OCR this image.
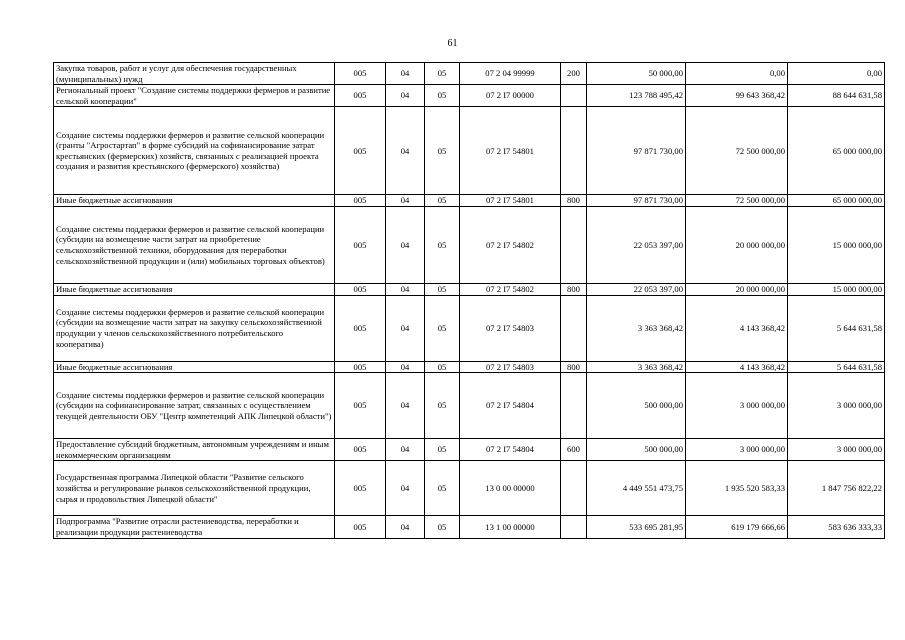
61
Закупка товаров, работ и услуг для обеспечения государственных (муниципальных) нужд	005	04	05	07 2 04 99999	200	50 000,00	0,00	0,00
Региональный проект "Создание системы поддержки фермеров и развитие сельской кооперации"	005	04	05	07 2 I7 00000		123 788 495,42	99 643 368,42	88 644 631,58
Создание системы поддержки фермеров и развитие сельской кооперации (гранты "Агростартап" в форме субсидий на софинансирование затрат крестьянских (фермерских) хозяйств, связанных с реализацией проекта создания и развития крестьянского (фермерского) хозяйства)	005	04	05	07 2 I7 54801		97 871 730,00	72 500 000,00	65 000 000,00
Иные бюджетные ассигнования	005	04	05	07 2 I7 54801	800	97 871 730,00	72 500 000,00	65 000 000,00
Создание системы поддержки фермеров и развитие сельской кооперации (субсидии на возмещение части затрат на приобретение сельскохозяйственной техники, оборудования для переработки сельскохозяйственной продукции и (или) мобильных торговых объектов)	005	04	05	07 2 I7 54802		22 053 397,00	20 000 000,00	15 000 000,00
Иные бюджетные ассигнования	005	04	05	07 2 I7 54802	800	22 053 397,00	20 000 000,00	15 000 000,00
Создание системы поддержки фермеров и развитие сельской кооперации (субсидии на возмещение части затрат на закупку сельскохозяйственной продукции у членов сельскохозяйственного потребительского кооператива)	005	04	05	07 2 I7 54803		3 363 368,42	4 143 368,42	5 644 631,58
Иные бюджетные ассигнования	005	04	05	07 2 I7 54803	800	3 363 368,42	4 143 368,42	5 644 631,58
Создание системы поддержки фермеров и развитие сельской кооперации (субсидии на софинансирование затрат, связанных с осуществлением текущей деятельности ОБУ "Центр компетенций АПК Липецкой области")	005	04	05	07 2 I7 54804		500 000,00	3 000 000,00	3 000 000,00
Предоставление субсидий бюджетным, автономным учреждениям и иным некоммерческим организациям	005	04	05	07 2 I7 54804	600	500 000,00	3 000 000,00	3 000 000,00
Государственная программа Липецкой области "Развитие сельского хозяйства и регулирование рынков сельскохозяйственной продукции, сырья и продовольствия Липецкой области"	005	04	05	13 0 00 00000		4 449 551 473,75	1 935 520 583,33	1 847 756 822,22
Подпрограмма "Развитие отрасли растениеводства, переработки и реализации продукции растениеводства	005	04	05	13 1 00 00000		533 695 281,95	619 179 666,66	583 636 333,33
